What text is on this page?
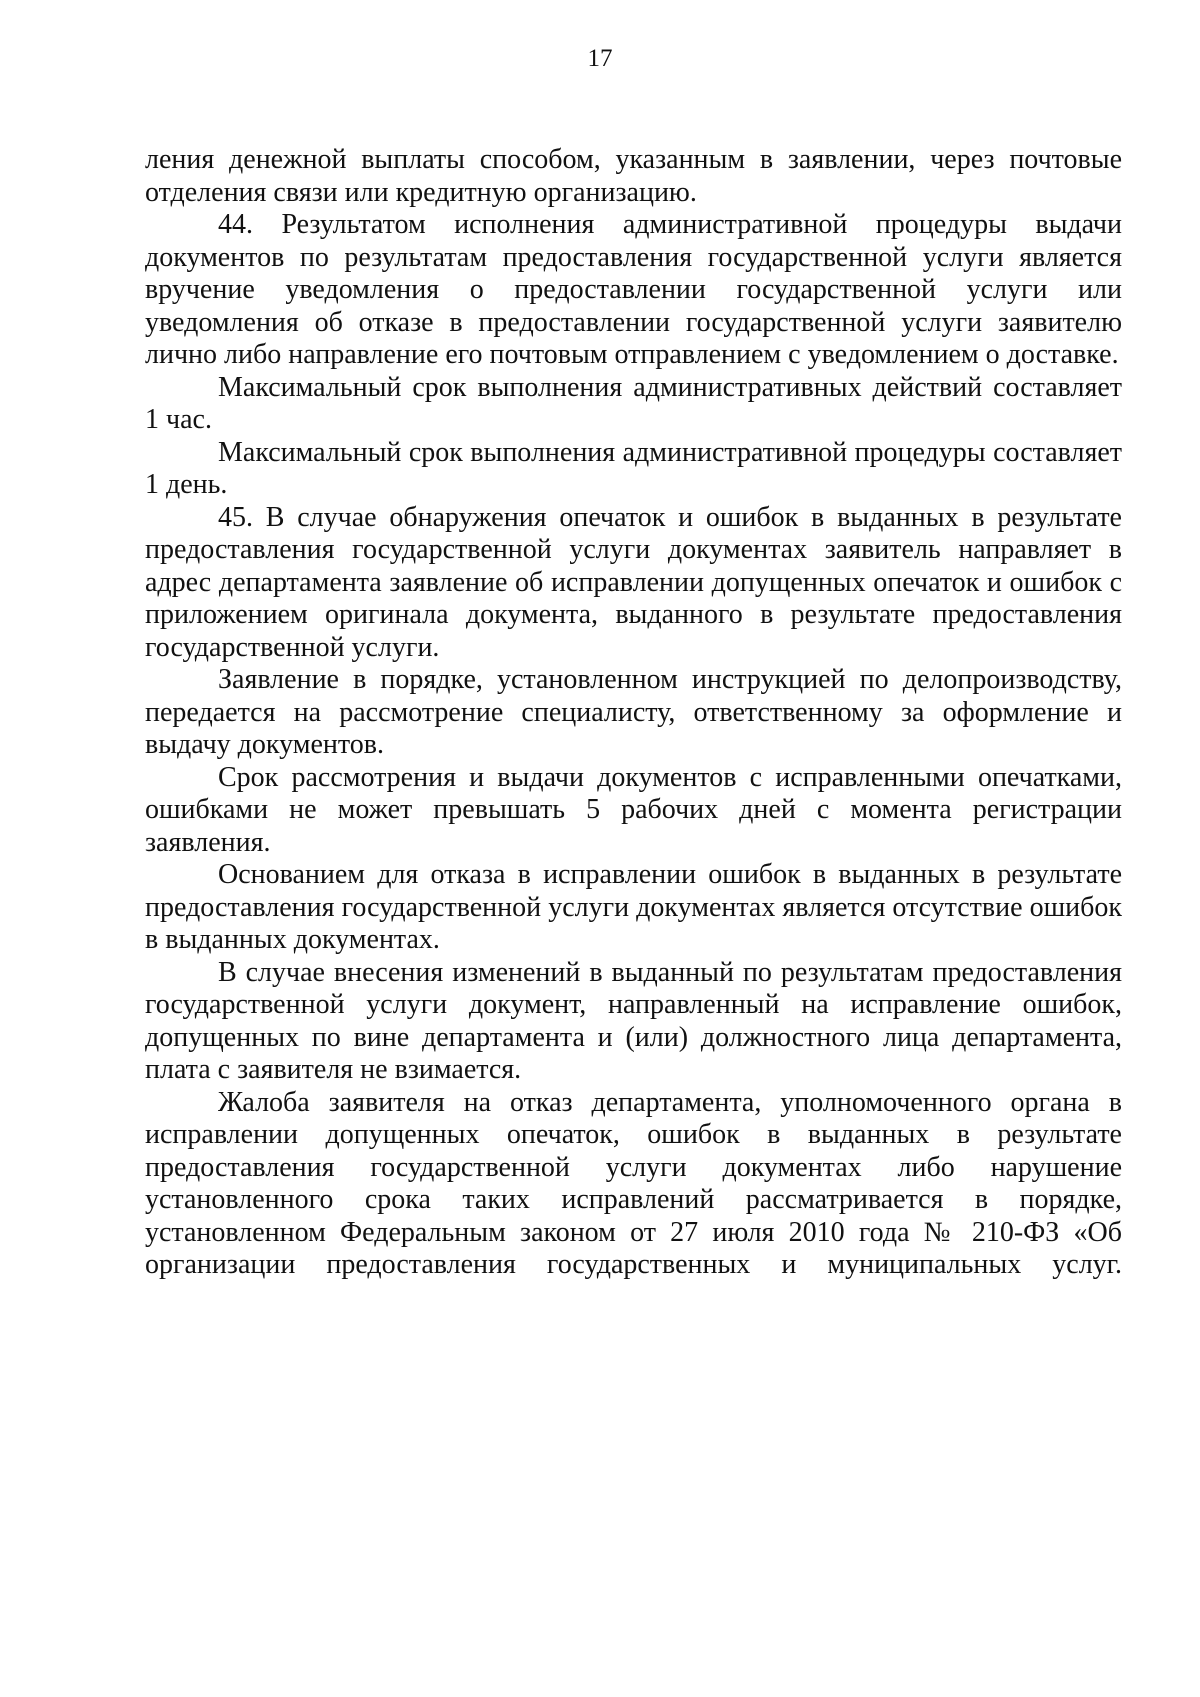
17

ления денежной выплаты способом, указанным в заявлении, через почтовые отделения связи или кредитную организацию.

44. Результатом исполнения административной процедуры выдачи документов по результатам предоставления государственной услуги является вручение уведомления о предоставлении государственной услуги или уведомления об отказе в предоставлении государственной услуги заявителю лично либо направление его почтовым отправлением с уведомлением о доставке.

Максимальный срок выполнения административных действий составляет 1 час.

Максимальный срок выполнения административной процедуры составляет 1 день.

45. В случае обнаружения опечаток и ошибок в выданных в результате предоставления государственной услуги документах заявитель направляет в адрес департамента заявление об исправлении допущенных опечаток и ошибок с приложением оригинала документа, выданного в результате предоставления государственной услуги.

Заявление в порядке, установленном инструкцией по делопроизводству, передается на рассмотрение специалисту, ответственному за оформление и выдачу документов.

Срок рассмотрения и выдачи документов с исправленными опечатками, ошибками не может превышать 5 рабочих дней с момента регистрации заявления.

Основанием для отказа в исправлении ошибок в выданных в результате предоставления государственной услуги документах является отсутствие ошибок в выданных документах.

В случае внесения изменений в выданный по результатам предоставления государственной услуги документ, направленный на исправление ошибок, допущенных по вине департамента и (или) должностного лица департамента, плата с заявителя не взимается.

Жалоба заявителя на отказ департамента, уполномоченного органа в исправлении допущенных опечаток, ошибок в выданных в результате предоставления государственной услуги документах либо нарушение установленного срока таких исправлений рассматривается в порядке, установленном Федеральным законом от 27 июля 2010 года № 210-ФЗ «Об организации предоставления государственных и муниципальных услуг.
